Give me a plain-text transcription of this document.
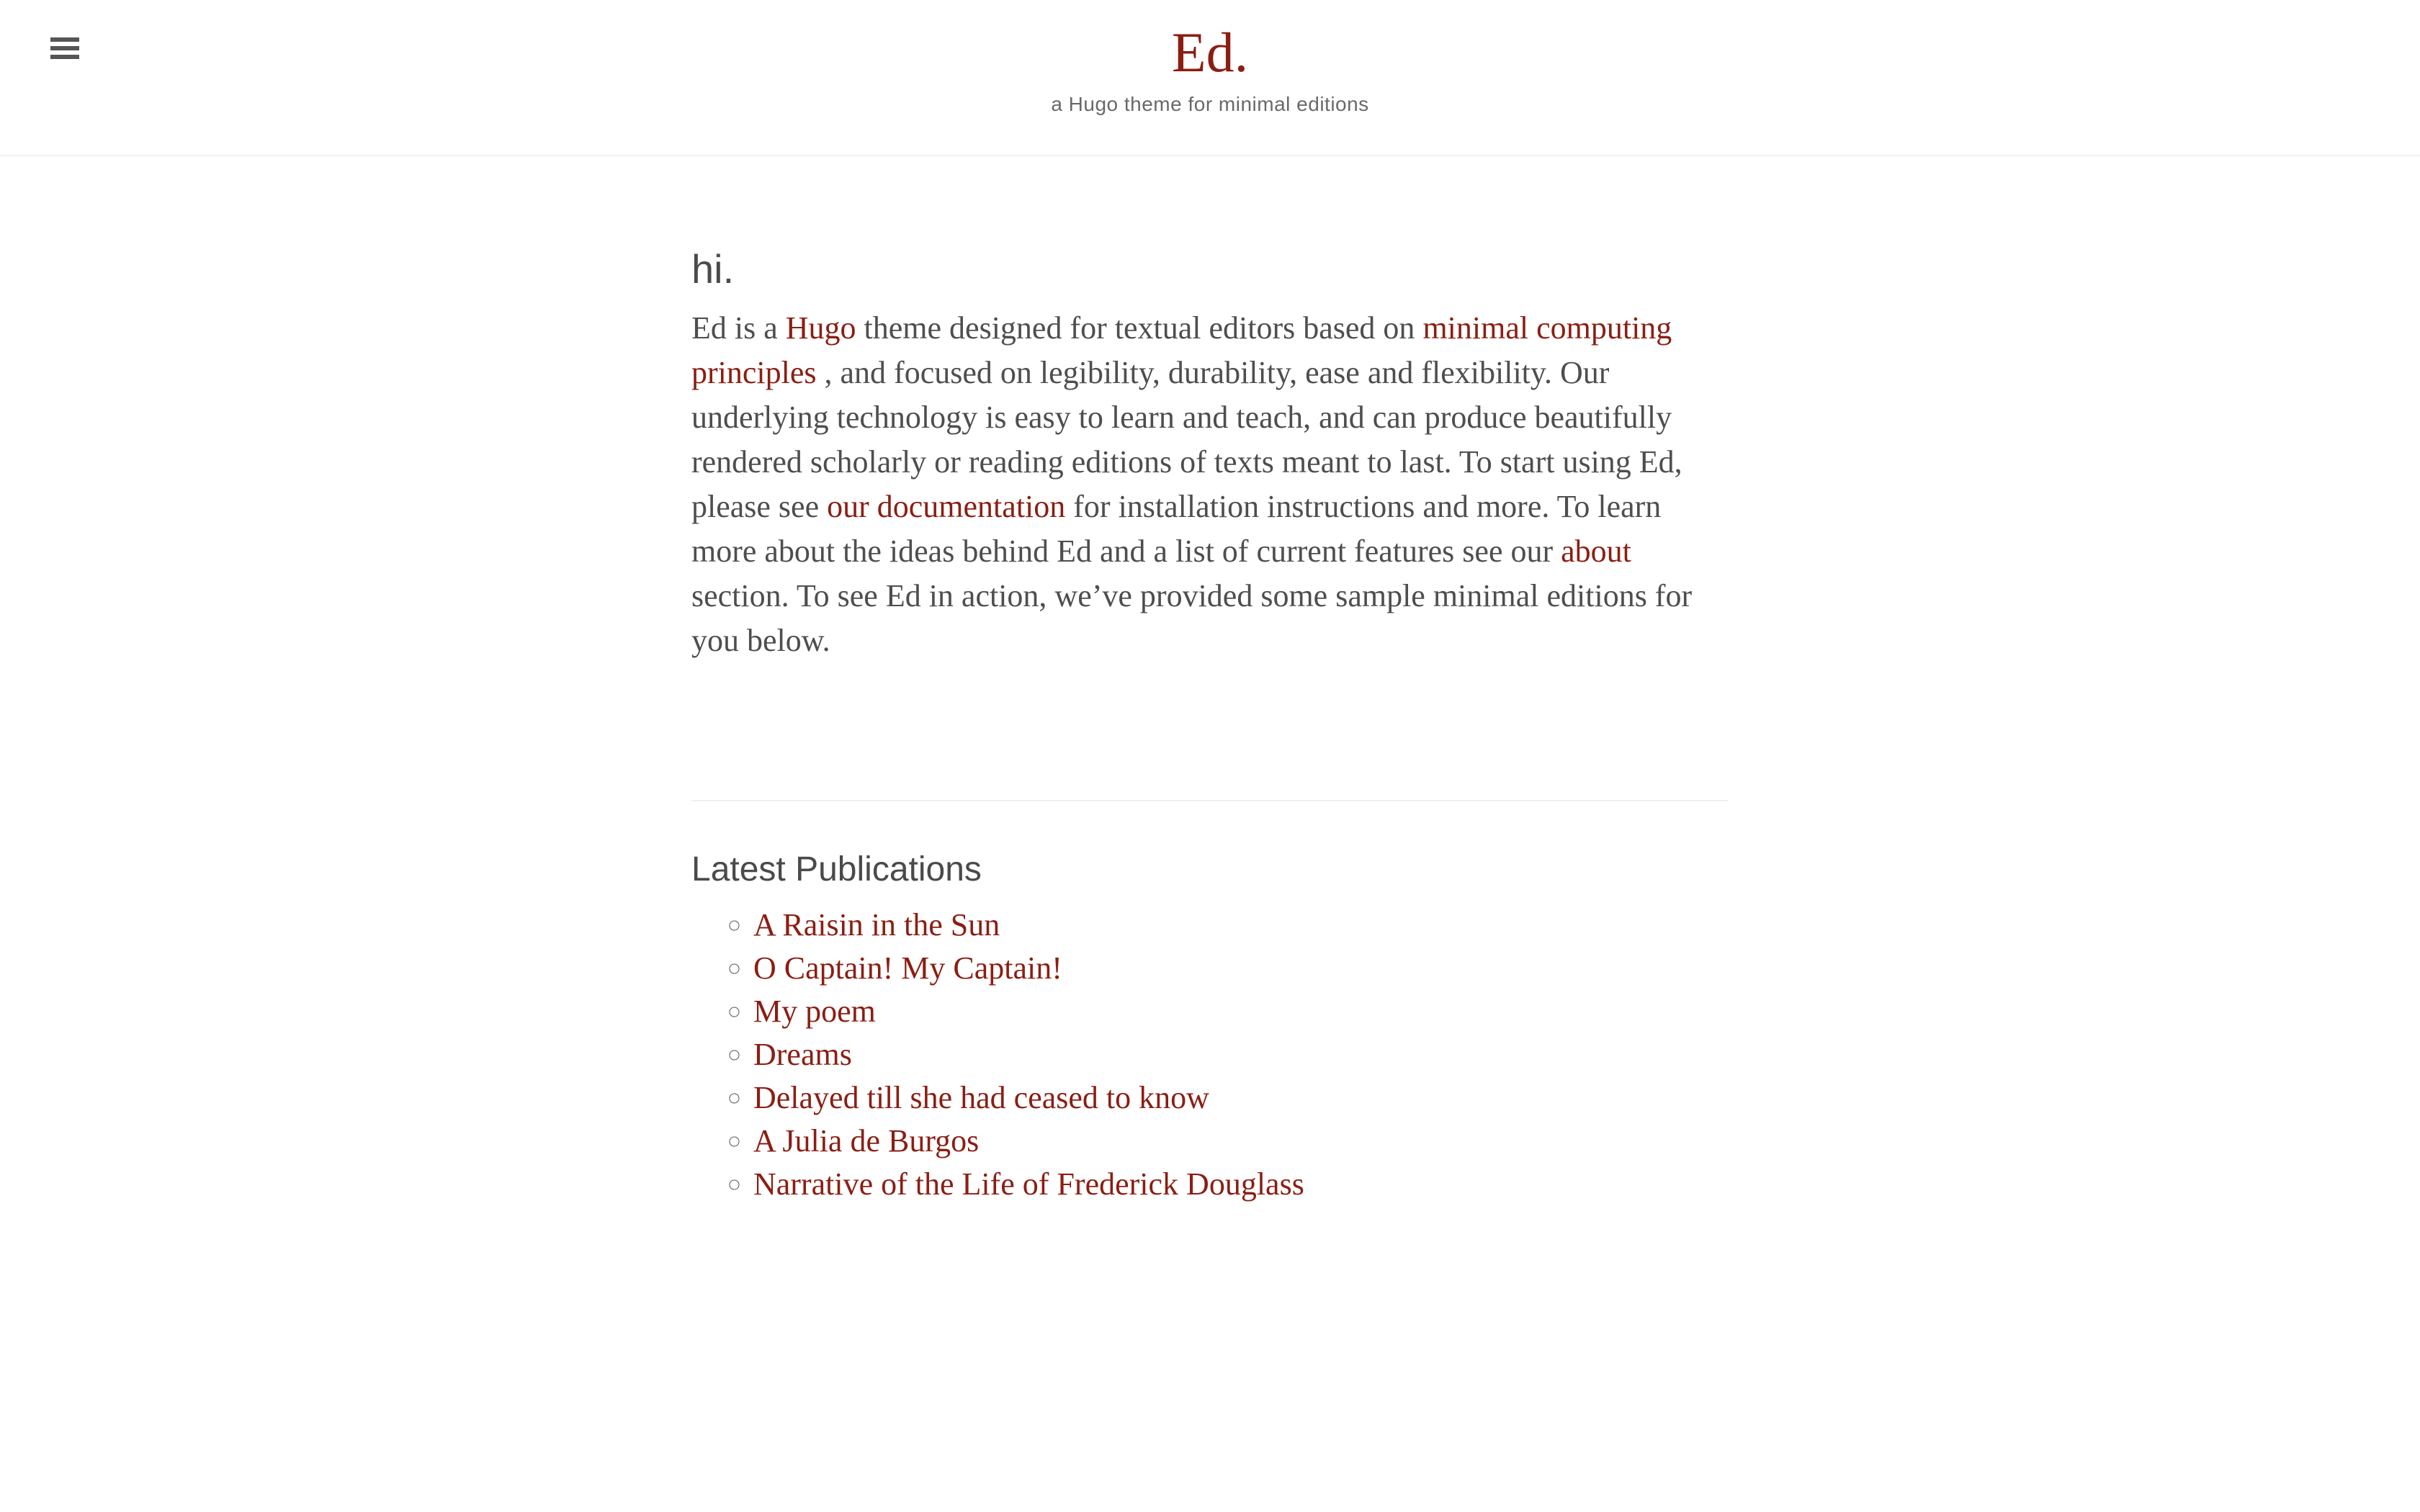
Ed.
a Hugo theme for minimal editions
hi.

Ed is a Hugo theme designed for textual editors based on minimal computing principles , and focused on legibility, durability, ease and flexibility. Our underlying technology is easy to learn and teach, and can produce beautifully rendered scholarly or reading editions of texts meant to last. To start using Ed, please see our documentation for installation instructions and more. To learn more about the ideas behind Ed and a list of current features see our about section. To see Ed in action, we’ve provided some sample minimal editions for you below.

Latest Publications
◦ A Raisin in the Sun
◦ O Captain! My Captain!
◦ My poem
◦ Dreams
◦ Delayed till she had ceased to know
◦ A Julia de Burgos
◦ Narrative of the Life of Frederick Douglass
